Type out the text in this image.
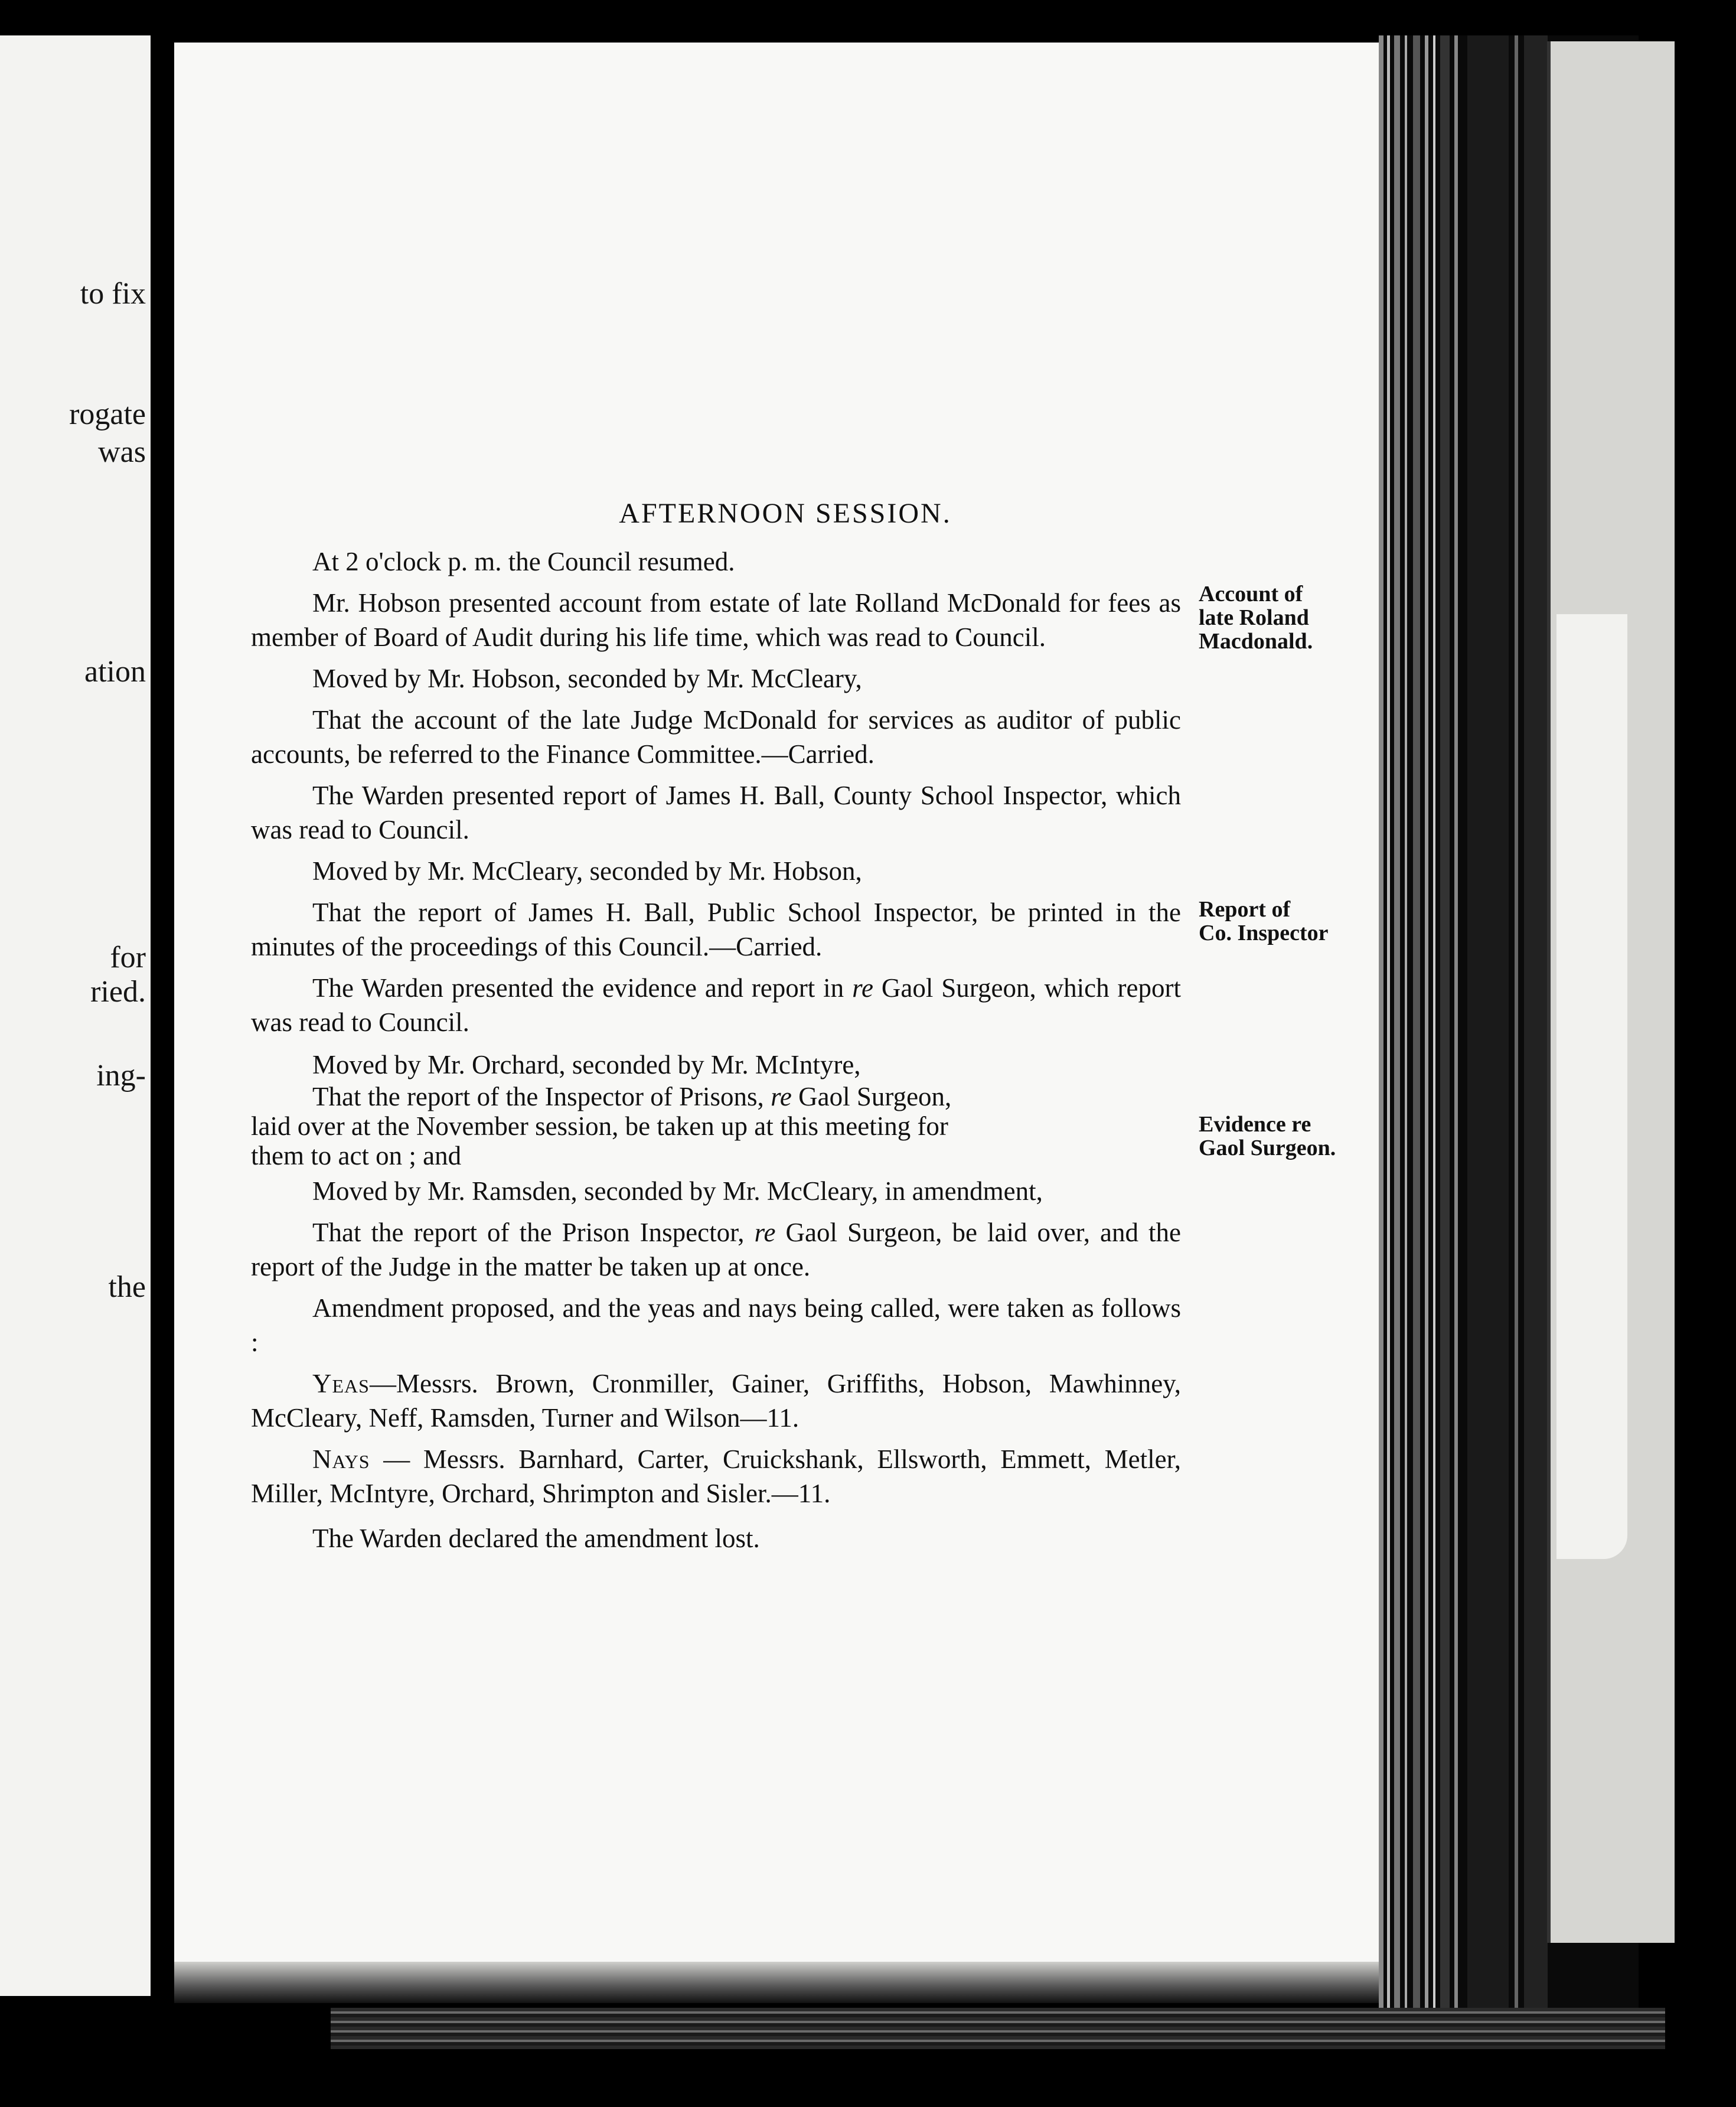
to fix
rogate
was
ation
for
ried.
ing-
the
AFTERNOON SESSION.

At 2 o'clock p. m. the Council resumed.

Mr. Hobson presented account from estate of late Rolland McDonald for fees as member of Board of Audit during his life time, which was read to Council.

Moved by Mr. Hobson, seconded by Mr. McCleary,

That the account of the late Judge McDonald for services as auditor of public accounts, be referred to the Finance Committee.—Carried.

The Warden presented report of James H. Ball, County School Inspector, which was read to Council.

Moved by Mr. McCleary, seconded by Mr. Hobson,

That the report of James H. Ball, Public School Inspector, be printed in the minutes of the proceedings of this Council.—Carried.

The Warden presented the evidence and report in re Gaol Surgeon, which report was read to Council.

Moved by Mr. Orchard, seconded by Mr. McIntyre,

That the report of the Inspector of Prisons, re Gaol Surgeon,

laid over at the November session, be taken up at this meeting for

them to act on ; and

Moved by Mr. Ramsden, seconded by Mr. McCleary, in amendment,

That the report of the Prison Inspector, re Gaol Surgeon, be laid over, and the report of the Judge in the matter be taken up at once.

Amendment proposed, and the yeas and nays being called, were taken as follows :

Yeas—Messrs. Brown, Cronmiller, Gainer, Griffiths, Hobson, Mawhinney, McCleary, Neff, Ramsden, Turner and Wilson—11.

Nays — Messrs. Barnhard, Carter, Cruickshank, Ellsworth, Emmett, Metler, Miller, McIntyre, Orchard, Shrimpton and Sisler.—11.

The Warden declared the amendment lost.

Account of
late Roland
Macdonald.
Report of
Co. Inspector
Evidence re
Gaol Surgeon.
